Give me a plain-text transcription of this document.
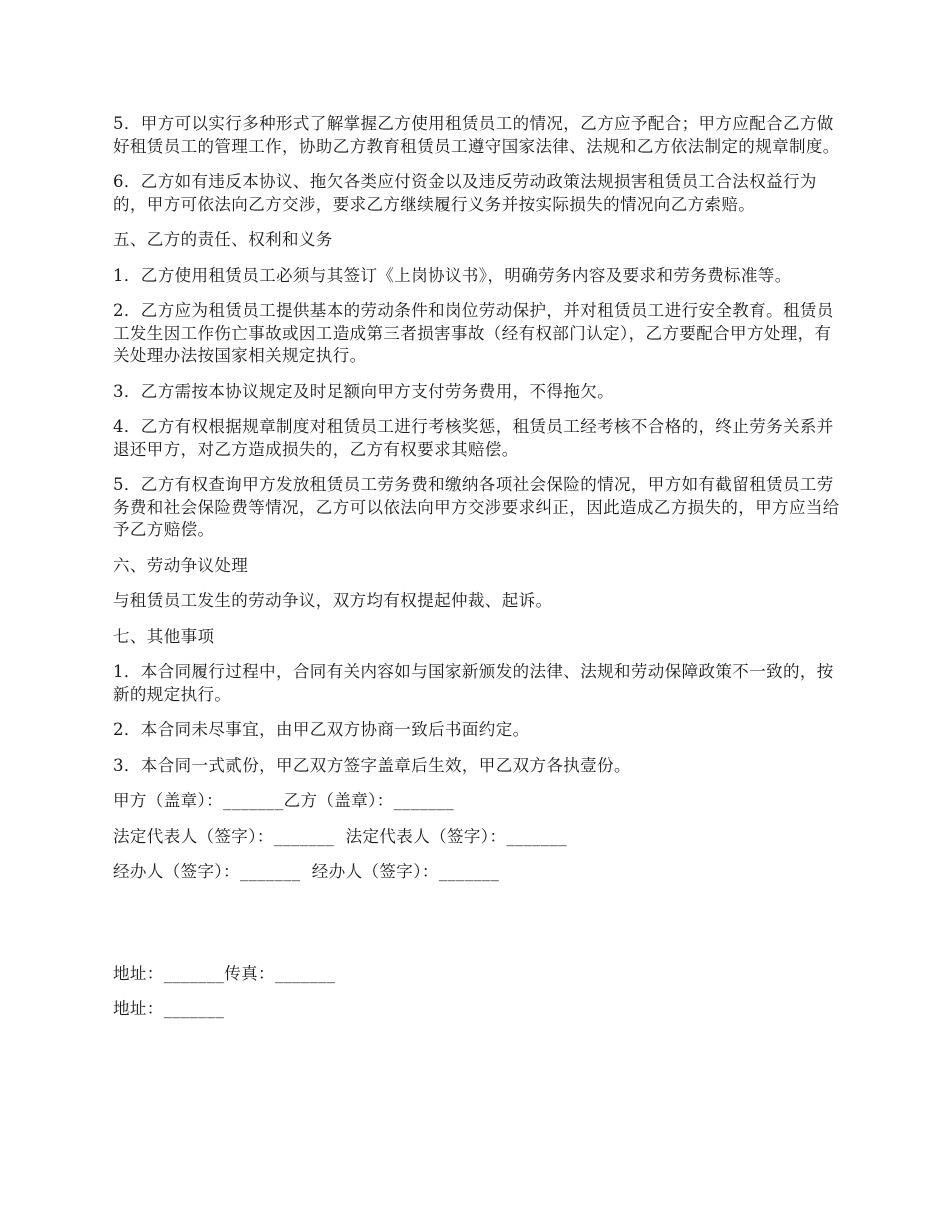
5．甲方可以实行多种形式了解掌握乙方使用租赁员工的情况，乙方应予配合；甲方应配合乙方做好租赁员工的管理工作，协助乙方教育租赁员工遵守国家法律、法规和乙方依法制定的规章制度。

6．乙方如有违反本协议、拖欠各类应付资金以及违反劳动政策法规损害租赁员工合法权益行为的，甲方可依法向乙方交涉，要求乙方继续履行义务并按实际损失的情况向乙方索赔。

五、乙方的责任、权利和义务

1．乙方使用租赁员工必须与其签订《上岗协议书》，明确劳务内容及要求和劳务费标准等。

2．乙方应为租赁员工提供基本的劳动条件和岗位劳动保护，并对租赁员工进行安全教育。租赁员工发生因工作伤亡事故或因工造成第三者损害事故（经有权部门认定），乙方要配合甲方处理，有关处理办法按国家相关规定执行。

3．乙方需按本协议规定及时足额向甲方支付劳务费用，不得拖欠。

4．乙方有权根据规章制度对租赁员工进行考核奖惩，租赁员工经考核不合格的，终止劳务关系并退还甲方，对乙方造成损失的，乙方有权要求其赔偿。

5．乙方有权查询甲方发放租赁员工劳务费和缴纳各项社会保险的情况，甲方如有截留租赁员工劳务费和社会保险费等情况，乙方可以依法向甲方交涉要求纠正，因此造成乙方损失的，甲方应当给予乙方赔偿。

六、劳动争议处理

与租赁员工发生的劳动争议，双方均有权提起仲裁、起诉。

七、其他事项

1．本合同履行过程中，合同有关内容如与国家新颁发的法律、法规和劳动保障政策不一致的，按新的规定执行。

2．本合同未尽事宜，由甲乙双方协商一致后书面约定。

3．本合同一式贰份，甲乙双方签字盖章后生效，甲乙双方各执壹份。

甲方（盖章）：_______乙方（盖章）：_______

法定代表人（签字）：_______  法定代表人（签字）：_______

经办人（签字）：_______  经办人（签字）：_______

地址：_______传真：_______

地址：_______
